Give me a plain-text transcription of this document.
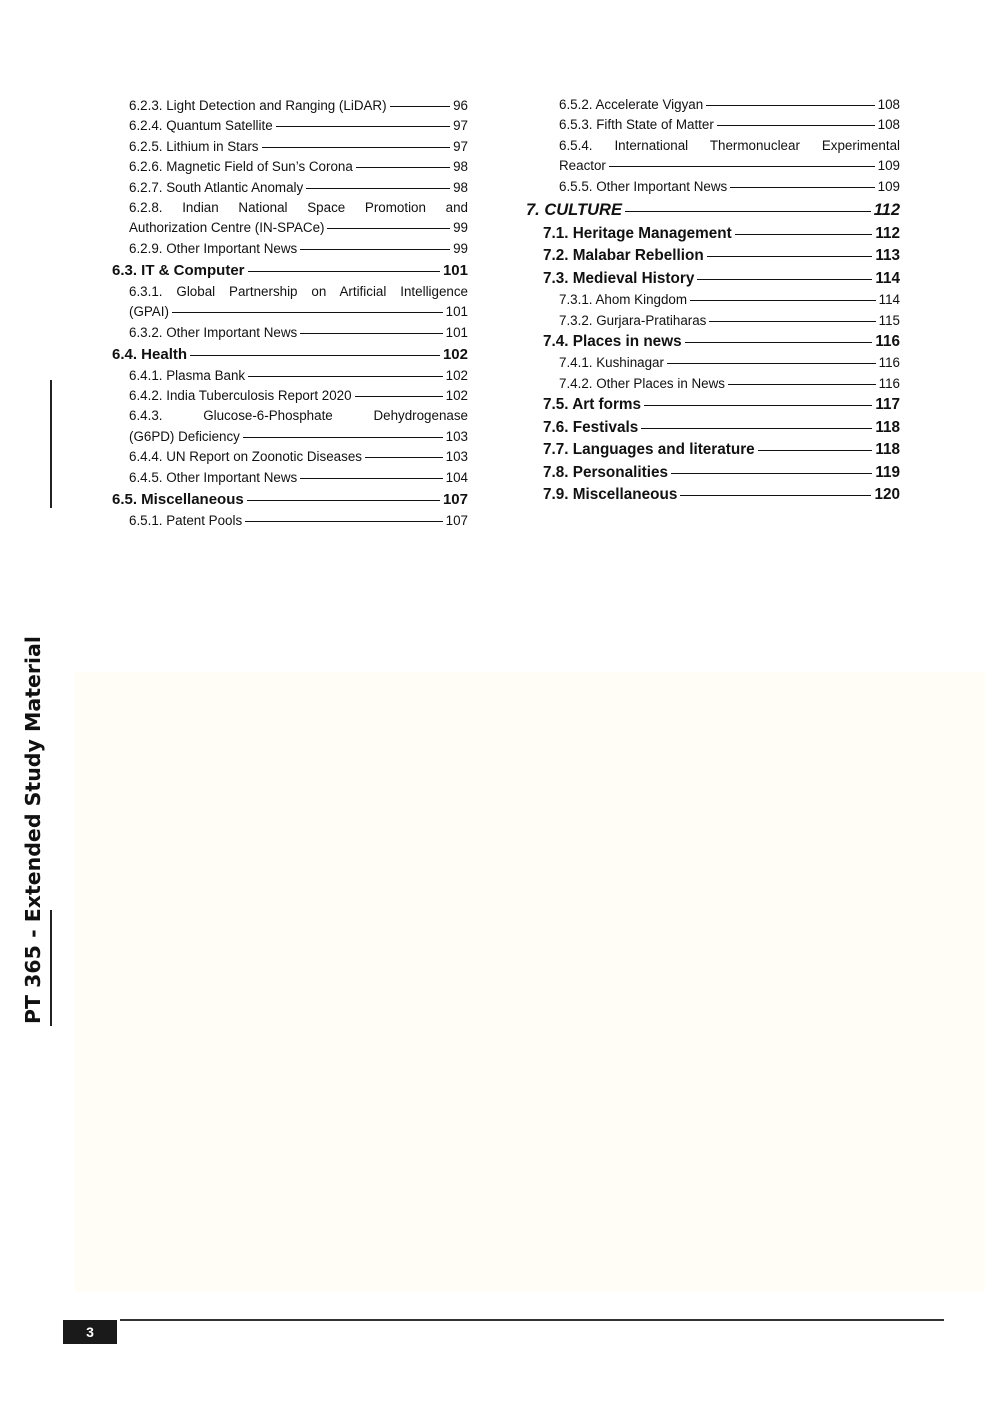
6.2.3. Light Detection and Ranging (LiDAR)	96
6.2.4. Quantum Satellite	97
6.2.5. Lithium in Stars	97
6.2.6. Magnetic Field of Sun’s Corona	98
6.2.7. South Atlantic Anomaly	98
6.2.8. Indian National Space Promotion and
Authorization Centre (IN-SPACe)	99
6.2.9. Other Important News	99
6.3. IT & Computer	101
6.3.1. Global Partnership on Artificial Intelligence
(GPAI)	101
6.3.2. Other Important News	101
6.4. Health	102
6.4.1. Plasma Bank	102
6.4.2. India Tuberculosis Report 2020	102
6.4.3. Glucose-6-Phosphate Dehydrogenase
(G6PD) Deficiency	103
6.4.4. UN Report on Zoonotic Diseases	103
6.4.5. Other Important News	104
6.5. Miscellaneous	107
6.5.1. Patent Pools	107
6.5.2. Accelerate Vigyan	108
6.5.3. Fifth State of Matter	108
6.5.4. International Thermonuclear Experimental
Reactor	109
6.5.5. Other Important News	109
7. CULTURE	112
7.1. Heritage Management	112
7.2. Malabar Rebellion	113
7.3. Medieval History	114
7.3.1. Ahom Kingdom	114
7.3.2. Gurjara-Pratiharas	115
7.4. Places in news	116
7.4.1. Kushinagar	116
7.4.2. Other Places in News	116
7.5. Art forms	117
7.6. Festivals	118
7.7. Languages and literature	118
7.8. Personalities	119
7.9. Miscellaneous	120
PT 365 - Extended Study Material
3
